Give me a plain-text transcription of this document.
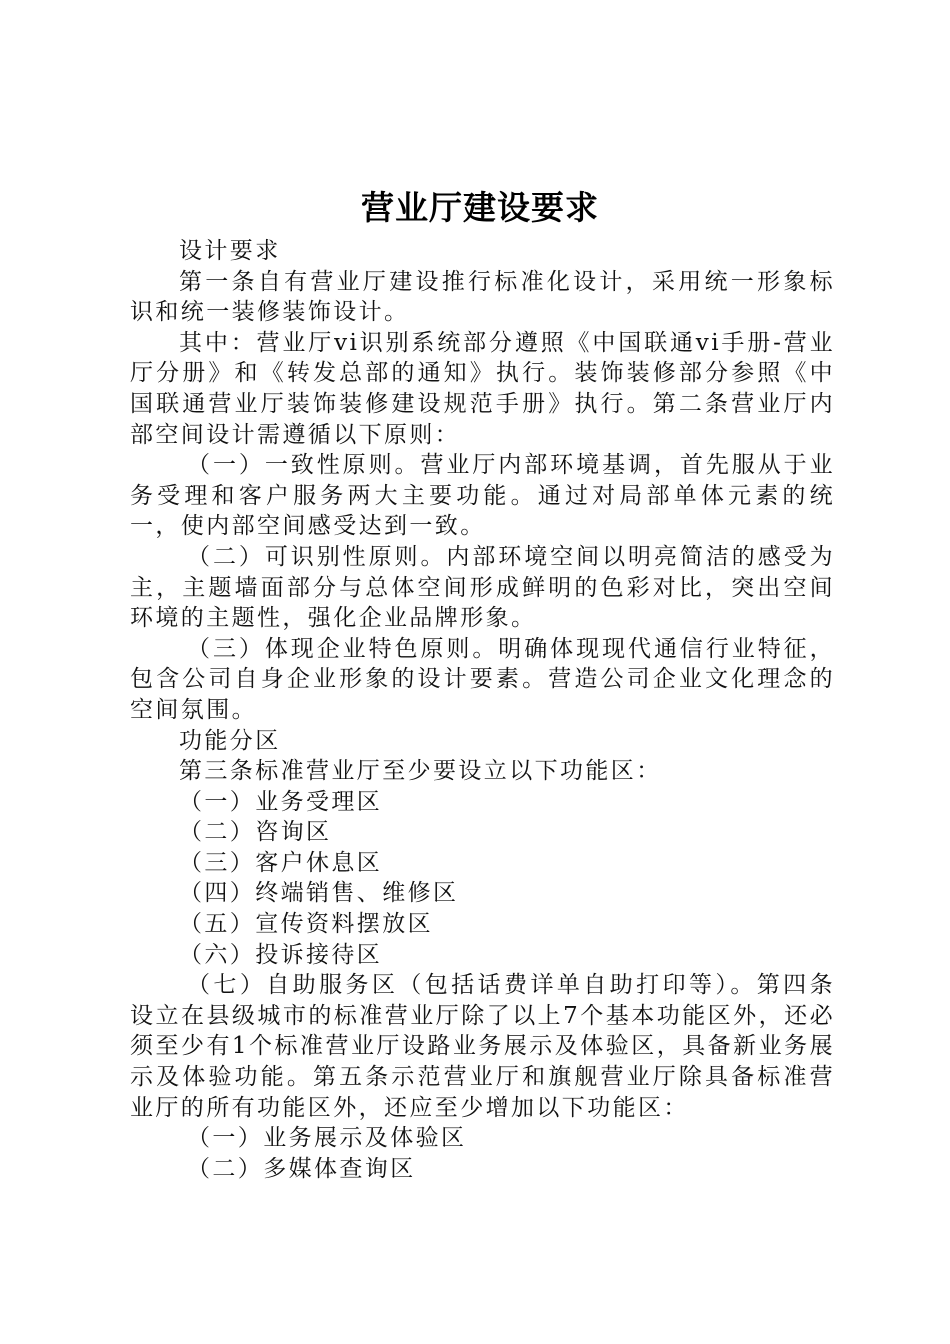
营业厅建设要求

设计要求

第一条自有营业厅建设推行标准化设计，采用统一形象标识和统一装修装饰设计。

其中：营业厅vi识别系统部分遵照《中国联通vi手册-营业厅分册》和《转发总部的通知》执行。装饰装修部分参照《中国联通营业厅装饰装修建设规范手册》执行。第二条营业厅内部空间设计需遵循以下原则：

（一）一致性原则。营业厅内部环境基调，首先服从于业务受理和客户服务两大主要功能。通过对局部单体元素的统一，使内部空间感受达到一致。

（二）可识别性原则。内部环境空间以明亮简洁的感受为主，主题墙面部分与总体空间形成鲜明的色彩对比，突出空间环境的主题性，强化企业品牌形象。

（三）体现企业特色原则。明确体现现代通信行业特征，包含公司自身企业形象的设计要素。营造公司企业文化理念的空间氛围。

功能分区

第三条标准营业厅至少要设立以下功能区：

（一）业务受理区

（二）咨询区

（三）客户休息区

（四）终端销售、维修区

（五）宣传资料摆放区

（六）投诉接待区

（七）自助服务区（包括话费详单自助打印等）。第四条设立在县级城市的标准营业厅除了以上7个基本功能区外，还必须至少有1个标准营业厅设路业务展示及体验区，具备新业务展示及体验功能。第五条示范营业厅和旗舰营业厅除具备标准营业厅的所有功能区外，还应至少增加以下功能区：

（一）业务展示及体验区

（二）多媒体查询区
